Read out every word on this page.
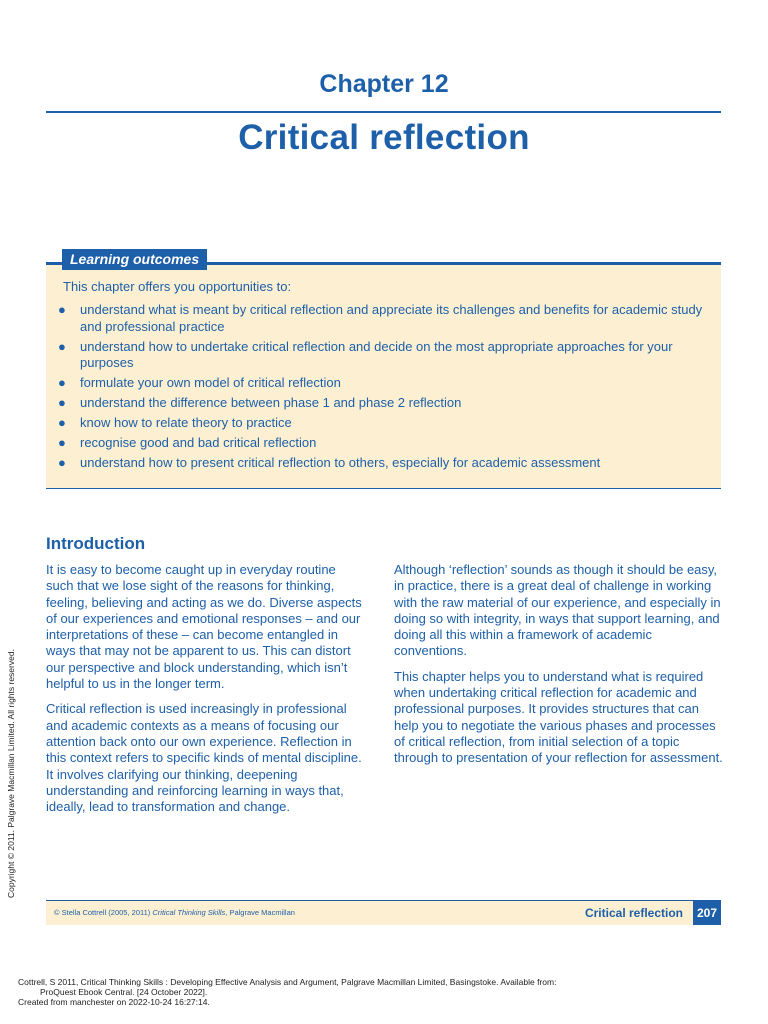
Chapter 12
Critical reflection
Learning outcomes
This chapter offers you opportunities to:
● understand what is meant by critical reflection and appreciate its challenges and benefits for academic study and professional practice
● understand how to undertake critical reflection and decide on the most appropriate approaches for your purposes
● formulate your own model of critical reflection
● understand the difference between phase 1 and phase 2 reflection
● know how to relate theory to practice
● recognise good and bad critical reflection
● understand how to present critical reflection to others, especially for academic assessment
Introduction

It is easy to become caught up in everyday routine such that we lose sight of the reasons for thinking, feeling, believing and acting as we do. Diverse aspects of our experiences and emotional responses – and our interpretations of these – can become entangled in ways that may not be apparent to us. This can distort our perspective and block understanding, which isn’t helpful to us in the longer term.

Critical reflection is used increasingly in professional and academic contexts as a means of focusing our attention back onto our own experience. Reflection in this context refers to specific kinds of mental discipline. It involves clarifying our thinking, deepening understanding and reinforcing learning in ways that, ideally, lead to transformation and change.

Although ‘reflection’ sounds as though it should be easy, in practice, there is a great deal of challenge in working with the raw material of our experience, and especially in doing so with integrity, in ways that support learning, and doing all this within a framework of academic conventions.

This chapter helps you to understand what is required when undertaking critical reflection for academic and professional purposes. It provides structures that can help you to negotiate the various phases and processes of critical reflection, from initial selection of a topic through to presentation of your reflection for assessment.

Copyright © 2011. Palgrave Macmillan Limited. All rights reserved.
© Stella Cottrell (2005, 2011) Critical Thinking Skills, Palgrave Macmillan	Critical reflection	207
Cottrell, S 2011, Critical Thinking Skills : Developing Effective Analysis and Argument, Palgrave Macmillan Limited, Basingstoke. Available from:
ProQuest Ebook Central. [24 October 2022].
Created from manchester on 2022-10-24 16:27:14.
